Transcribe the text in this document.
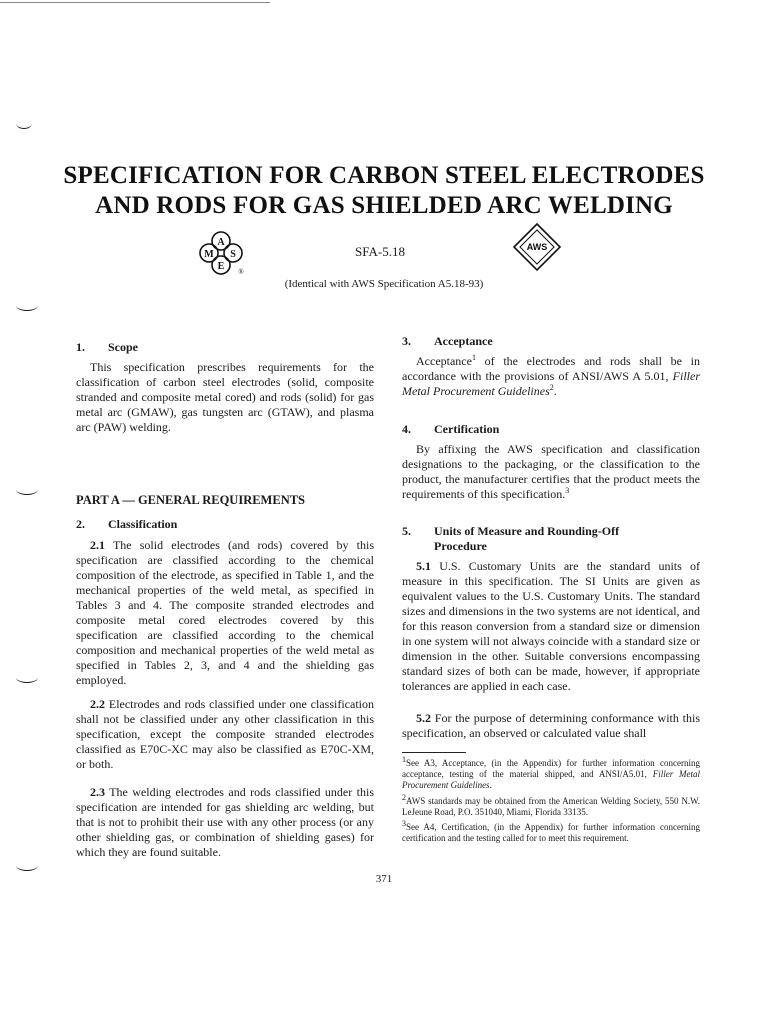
SPECIFICATION FOR CARBON STEEL ELECTRODES
AND RODS FOR GAS SHIELDED ARC WELDING
A
M S
E ®
SFA-5.18	AWS
(Identical with AWS Specification A5.18-93)
1. Scope
This specification prescribes requirements for the classification of carbon steel electrodes (solid, composite stranded and composite metal cored) and rods (solid) for gas metal arc (GMAW), gas tungsten arc (GTAW), and plasma arc (PAW) welding.
PART A — GENERAL REQUIREMENTS
2. Classification
2.1 The solid electrodes (and rods) covered by this specification are classified according to the chemical composition of the electrode, as specified in Table 1, and the mechanical properties of the weld metal, as specified in Tables 3 and 4. The composite stranded electrodes and composite metal cored electrodes covered by this specification are classified according to the chemical composition and mechanical properties of the weld metal as specified in Tables 2, 3, and 4 and the shielding gas employed.
2.2 Electrodes and rods classified under one classification shall not be classified under any other classification in this specification, except the composite stranded electrodes classified as E70C-XC may also be classified as E70C-XM, or both.
2.3 The welding electrodes and rods classified under this specification are intended for gas shielding arc welding, but that is not to prohibit their use with any other process (or any other shielding gas, or combination of shielding gases) for which they are found suitable.
3. Acceptance
Acceptance$^1$ of the electrodes and rods shall be in accordance with the provisions of ANSI/AWS A 5.01, Filler Metal Procurement Guidelines$^2$.
4. Certification
By affixing the AWS specification and classification designations to the packaging, or the classification to the product, the manufacturer certifies that the product meets the requirements of this specification.$^3$
5. Units of Measure and Rounding-Off
Procedure
5.1 U.S. Customary Units are the standard units of measure in this specification. The SI Units are given as equivalent values to the U.S. Customary Units. The standard sizes and dimensions in the two systems are not identical, and for this reason conversion from a standard size or dimension in one system will not always coincide with a standard size or dimension in the other. Suitable conversions encompassing standard sizes of both can be made, however, if appropriate tolerances are applied in each case.
5.2 For the purpose of determining conformance with this specification, an observed or calculated value shall
$^1$See A3, Acceptance, (in the Appendix) for further information concerning acceptance, testing of the material shipped, and ANSI/A5.01, Filler Metal Procurement Guidelines.
$^2$AWS standards may be obtained from the American Welding Society, 550 N.W. LeJeune Road, P.O. 351040, Miami, Florida 33135.
$^3$See A4, Certification, (in the Appendix) for further information concerning certification and the testing called for to meet this requirement.
371
